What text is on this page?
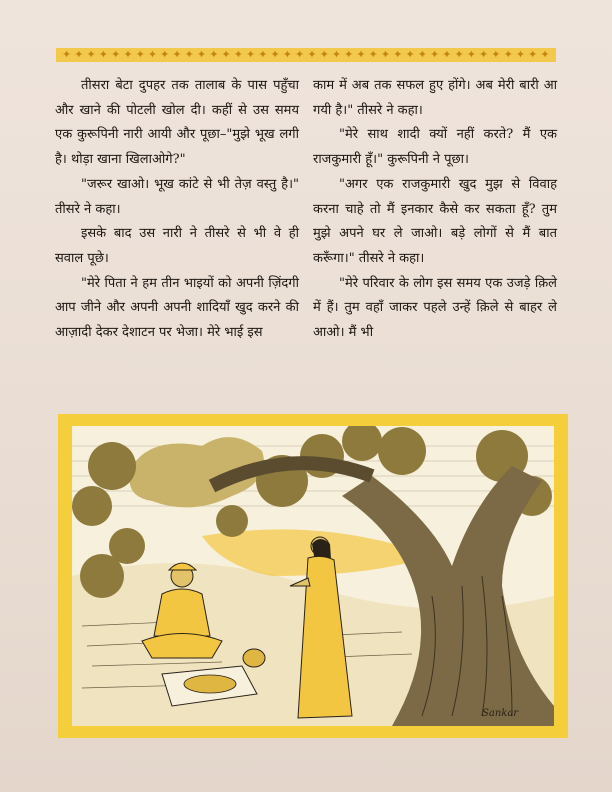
✦ ✦ ✦ ✦ ✦ ✦ ✦ ✦ ✦ ✦ ✦ ✦ ✦ ✦ ✦ ✦ ✦ ✦ ✦ ✦ ✦ ✦ ✦ ✦ ✦ ✦ ✦ ✦ ✦ ✦ ✦ ✦ ✦ ✦ ✦ ✦ ✦ ✦ ✦ ✦

तीसरा बेटा दुपहर तक तालाब के पास पहुँचा और खाने की पोटली खोल दी। कहीं से उस समय एक कुरूपिनी नारी आयी और पूछा–"मुझे भूख लगी है। थोड़ा खाना खिलाओगे?"

"जरूर खाओ। भूख कांटे से भी तेज़ वस्तु है।" तीसरे ने कहा।

इसके बाद उस नारी ने तीसरे से भी वे ही सवाल पूछे।

"मेरे पिता ने हम तीन भाइयों को अपनी ज़िंदगी आप जीने और अपनी अपनी शादियाँ खुद करने की आज़ादी देकर देशाटन पर भेजा। मेरे भाई इस

काम में अब तक सफल हुए होंगे। अब मेरी बारी आ गयी है।" तीसरे ने कहा।

"मेरे साथ शादी क्यों नहीं करते? मैं एक राजकुमारी हूँ।" कुरूपिनी ने पूछा।

"अगर एक राजकुमारी खुद मुझ से विवाह करना चाहे तो मैं इनकार कैसे कर सकता हूँ? तुम मुझे अपने घर ले जाओ। बड़े लोगों से मैं बात करूँगा।" तीसरे ने कहा।

"मेरे परिवार के लोग इस समय एक उजड़े क़िले में हैं। तुम वहाँ जाकर पहले उन्हें क़िले से बाहर ले आओ। मैं भी

Sankar
